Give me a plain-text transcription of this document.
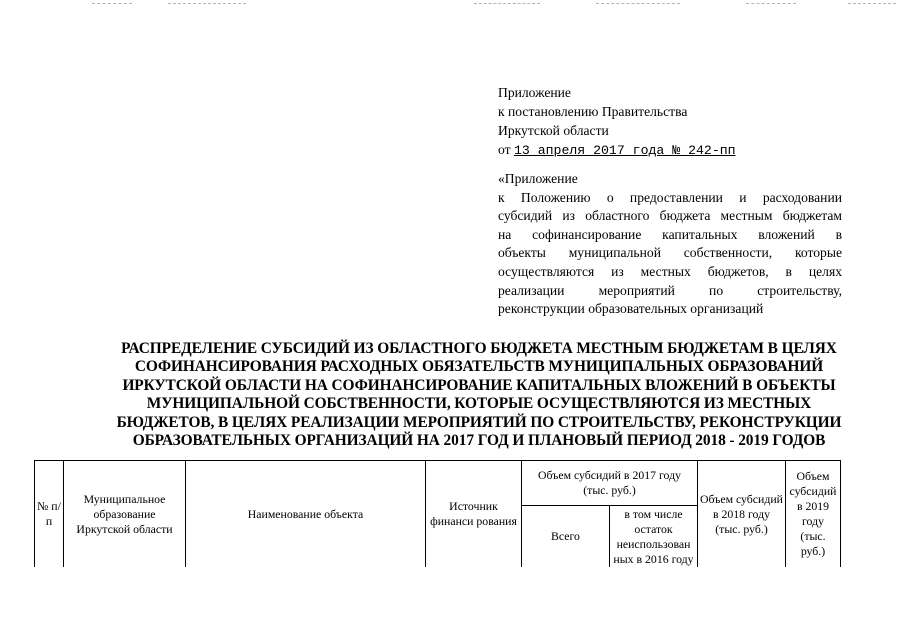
Приложение
к постановлению Правительства
Иркутской области
от 13 апреля 2017 года № 242-пп
«Приложение
к Положению о предоставлении и расходовании
субсидий из областного бюджета местным бюджетам
на софинансирование капитальных вложений в
объекты муниципальной собственности, которые
осуществляются из местных бюджетов, в целях
реализации мероприятий по строительству,
реконструкции образовательных организаций
РАСПРЕДЕЛЕНИЕ СУБСИДИЙ ИЗ ОБЛАСТНОГО БЮДЖЕТА МЕСТНЫМ БЮДЖЕТАМ В ЦЕЛЯХ
СОФИНАНСИРОВАНИЯ РАСХОДНЫХ ОБЯЗАТЕЛЬСТВ МУНИЦИПАЛЬНЫХ ОБРАЗОВАНИЙ
ИРКУТСКОЙ ОБЛАСТИ НА СОФИНАНСИРОВАНИЕ КАПИТАЛЬНЫХ ВЛОЖЕНИЙ В ОБЪЕКТЫ
МУНИЦИПАЛЬНОЙ СОБСТВЕННОСТИ, КОТОРЫЕ ОСУЩЕСТВЛЯЮТСЯ ИЗ МЕСТНЫХ
БЮДЖЕТОВ, В ЦЕЛЯХ РЕАЛИЗАЦИИ МЕРОПРИЯТИЙ ПО СТРОИТЕЛЬСТВУ, РЕКОНСТРУКЦИИ
ОБРАЗОВАТЕЛЬНЫХ ОРГАНИЗАЦИЙ НА 2017 ГОД И ПЛАНОВЫЙ ПЕРИОД 2018 - 2019 ГОДОВ
№ п/п	Муниципальное образование Иркутской области	Наименование объекта	Источник финанси рования	Объем субсидий в 2017 году (тыс. руб.)		Объем субсидий в 2018 году (тыс. руб.)	Объем субсидий в 2019 году (тыс. руб.)
				Всего	в том числе остаток неиспользован ных в 2016 году		
